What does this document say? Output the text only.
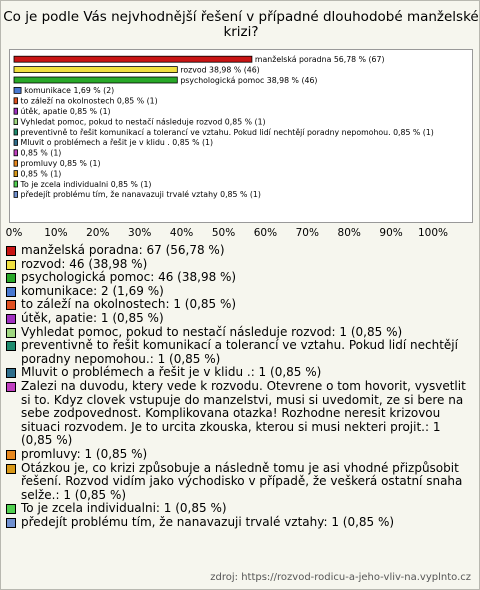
Co je podle Vás nejvhodnější řešení v případné dlouhodobé manželské krizi?
manželská poradna 56,78 % (67)
rozvod 38,98 % (46)
psychologická pomoc 38,98 % (46)
komunikace 1,69 % (2)
to záleží na okolnostech 0,85 % (1)
útěk, apatie 0,85 % (1)
Vyhledat pomoc, pokud to nestačí následuje rozvod 0,85 % (1)
preventivně to řešit komunikací a tolerancí ve vztahu. Pokud lidí nechtějí poradny nepomohou. 0,85 % (1)
Mluvit o problémech a řešit je v klidu . 0,85 % (1)
0,85 % (1)
promluvy 0,85 % (1)
0,85 % (1)
To je zcela individualni 0,85 % (1)
předejít problému tím, že nanavazuji trvalé vztahy 0,85 % (1)
0% 10% 20% 30% 40% 50% 60% 70% 80% 90% 100%
manželská poradna: 67 (56,78 %)
rozvod: 46 (38,98 %)
psychologická pomoc: 46 (38,98 %)
komunikace: 2 (1,69 %)
to záleží na okolnostech: 1 (0,85 %)
útěk, apatie: 1 (0,85 %)
Vyhledat pomoc, pokud to nestačí následuje rozvod: 1 (0,85 %)
preventivně to řešit komunikací a tolerancí ve vztahu. Pokud lidí nechtějí poradny nepomohou.: 1 (0,85 %)
Mluvit o problémech a řešit je v klidu .: 1 (0,85 %)
Zalezi na duvodu, ktery vede k rozvodu. Otevrene o tom hovorit, vysvetlit si to. Kdyz clovek vstupuje do manzelstvi, musi si uvedomit, ze si bere na sebe zodpovednost. Komplikovana otazka! Rozhodne neresit krizovou situaci rozvodem. Je to urcita zkouska, kterou si musi nekteri projit.: 1 (0,85 %)
promluvy: 1 (0,85 %)
Otázkou je, co krizi způsobuje a následně tomu je asi vhodné přizpůsobit řešení. Rozvod vidím jako východisko v případě, že veškerá ostatní snaha selže.: 1 (0,85 %)
To je zcela individualni: 1 (0,85 %)
předejít problému tím, že nanavazuji trvalé vztahy: 1 (0,85 %)
zdroj: https://rozvod-rodicu-a-jeho-vliv-na.vyplnto.cz
